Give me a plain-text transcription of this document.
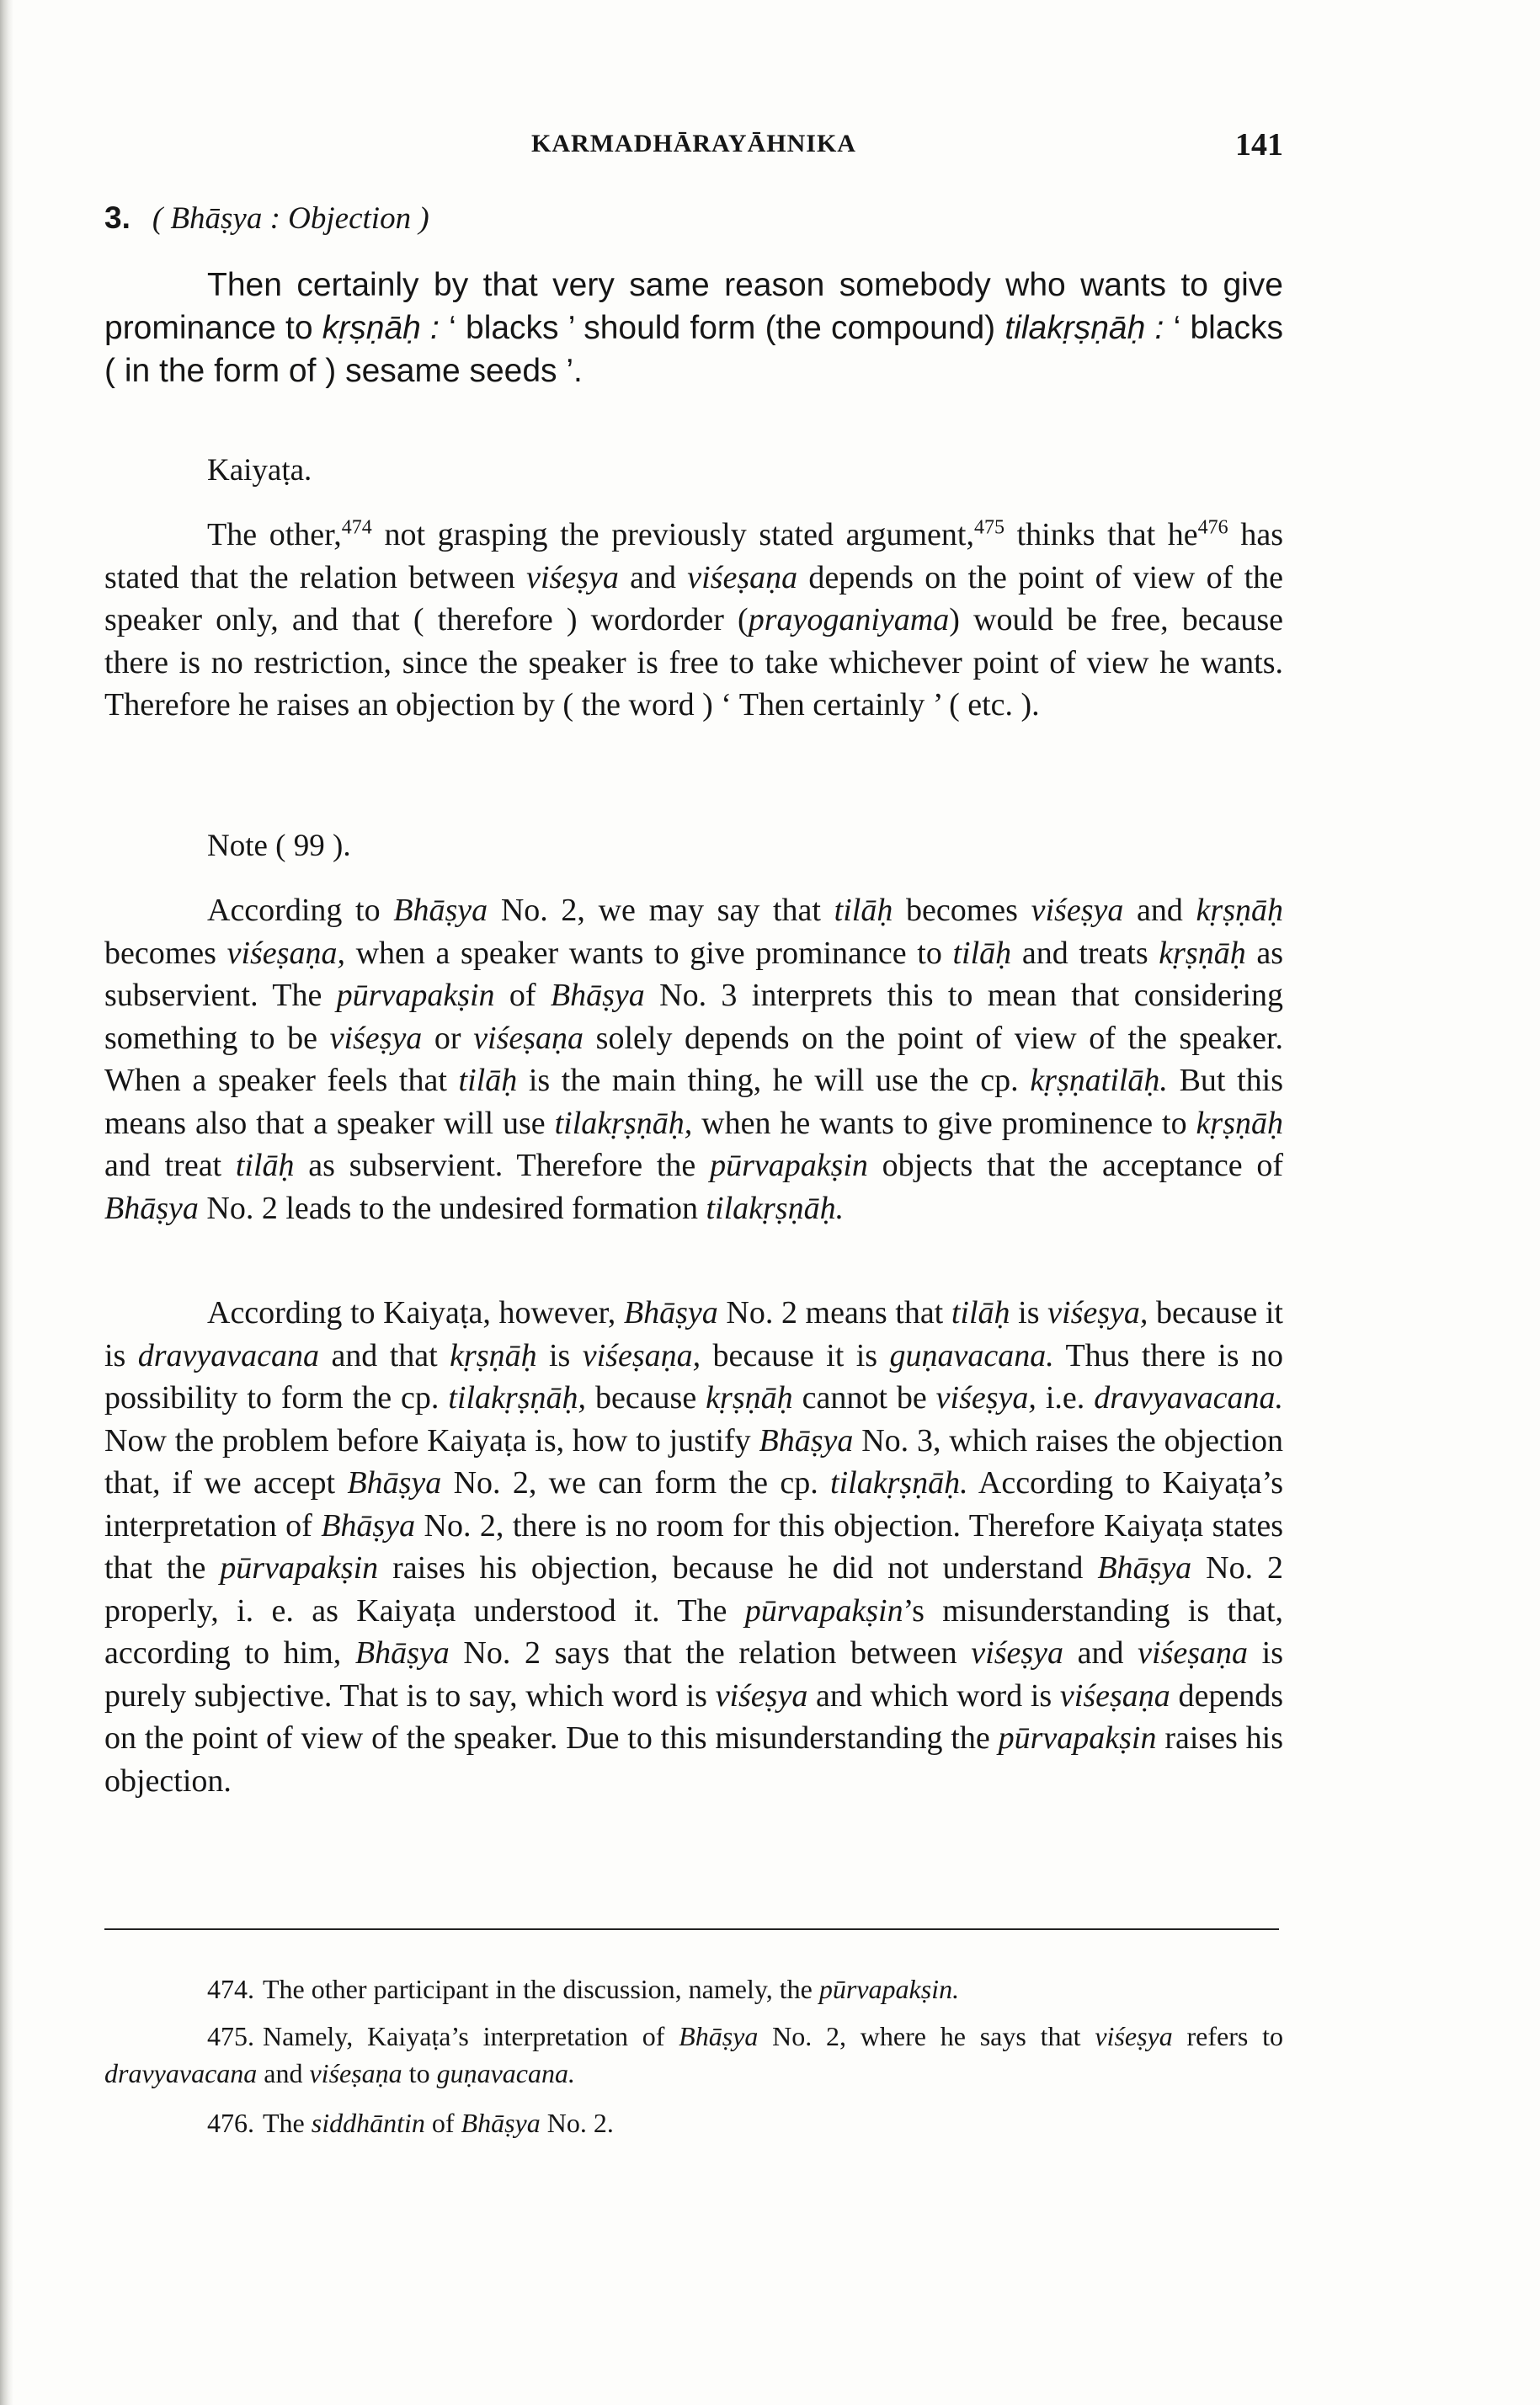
KARMADHĀRAYĀHNIKA	141
3. ( Bhāṣya : Objection )

Then certainly by that very same reason somebody who wants to give prominance to kṛṣṇāḥ : ‘ blacks ’ should form (the compound) tilakṛṣṇāḥ : ‘ blacks ( in the form of ) sesame seeds ’.

Kaiyaṭa.

The other,$^{474}$ not grasping the previously stated argument,$^{475}$ thinks that $he^{476}$ has stated that the relation between viśeṣya and viśeṣaṇa depends on the point of view of the speaker only, and that ( therefore ) wordorder (prayoganiyama) would be free, because there is no restriction, since the speaker is free to take whichever point of view he wants. Therefore he raises an objection by ( the word ) ‘ Then certainly ’ ( etc. ).

Note ( 99 ).

According to Bhāṣya No. 2, we may say that tilāḥ becomes viśeṣya and kṛṣṇāḥ becomes viśeṣaṇa, when a speaker wants to give prominance to tilāḥ and treats kṛṣṇāḥ as subservient. The pūrvapakṣin of Bhāṣya No. 3 interprets this to mean that considering something to be viśeṣya or viśeṣaṇa solely depends on the point of view of the speaker. When a speaker feels that tilāḥ is the main thing, he will use the cp. kṛṣṇatilāḥ. But this means also that a speaker will use tilakṛṣṇāḥ, when he wants to give prominence to kṛṣṇāḥ and treat tilāḥ as subservient. Therefore the pūrvapakṣin objects that the acceptance of Bhāṣya No. 2 leads to the undesired formation tilakṛṣṇāḥ.

According to Kaiyaṭa, however, Bhāṣya No. 2 means that tilāḥ is viśeṣya, because it is dravyavacana and that kṛṣṇāḥ is viśeṣaṇa, because it is guṇavacana. Thus there is no possibility to form the cp. tilakṛṣṇāḥ, because kṛṣṇāḥ cannot be viśeṣya, i.e. dravyavacana. Now the problem before Kaiyaṭa is, how to justify Bhāṣya No. 3, which raises the objection that, if we accept Bhāṣya No. 2, we can form the cp. tilakṛṣṇāḥ. According to Kaiyaṭa’s interpretation of Bhāṣya No. 2, there is no room for this objection. Therefore Kaiyaṭa states that the pūrvapakṣin raises his objection, because he did not understand Bhāṣya No. 2 properly, i. e. as Kaiyaṭa understood it. The pūrvapakṣin’s misunderstanding is that, according to him, Bhāṣya No. 2 says that the relation between viśeṣya and viśeṣaṇa is purely subjective. That is to say, which word is viśeṣya and which word is viśeṣaṇa depends on the point of view of the speaker. Due to this misunderstanding the pūrvapakṣin raises his objection.

474. The other participant in the discussion, namely, the pūrvapakṣin.

475. Namely, Kaiyaṭa’s interpretation of Bhāṣya No. 2, where he says that viśeṣya refers to dravyavacana and viśeṣaṇa to guṇavacana.

476. The siddhāntin of Bhāṣya No. 2.
